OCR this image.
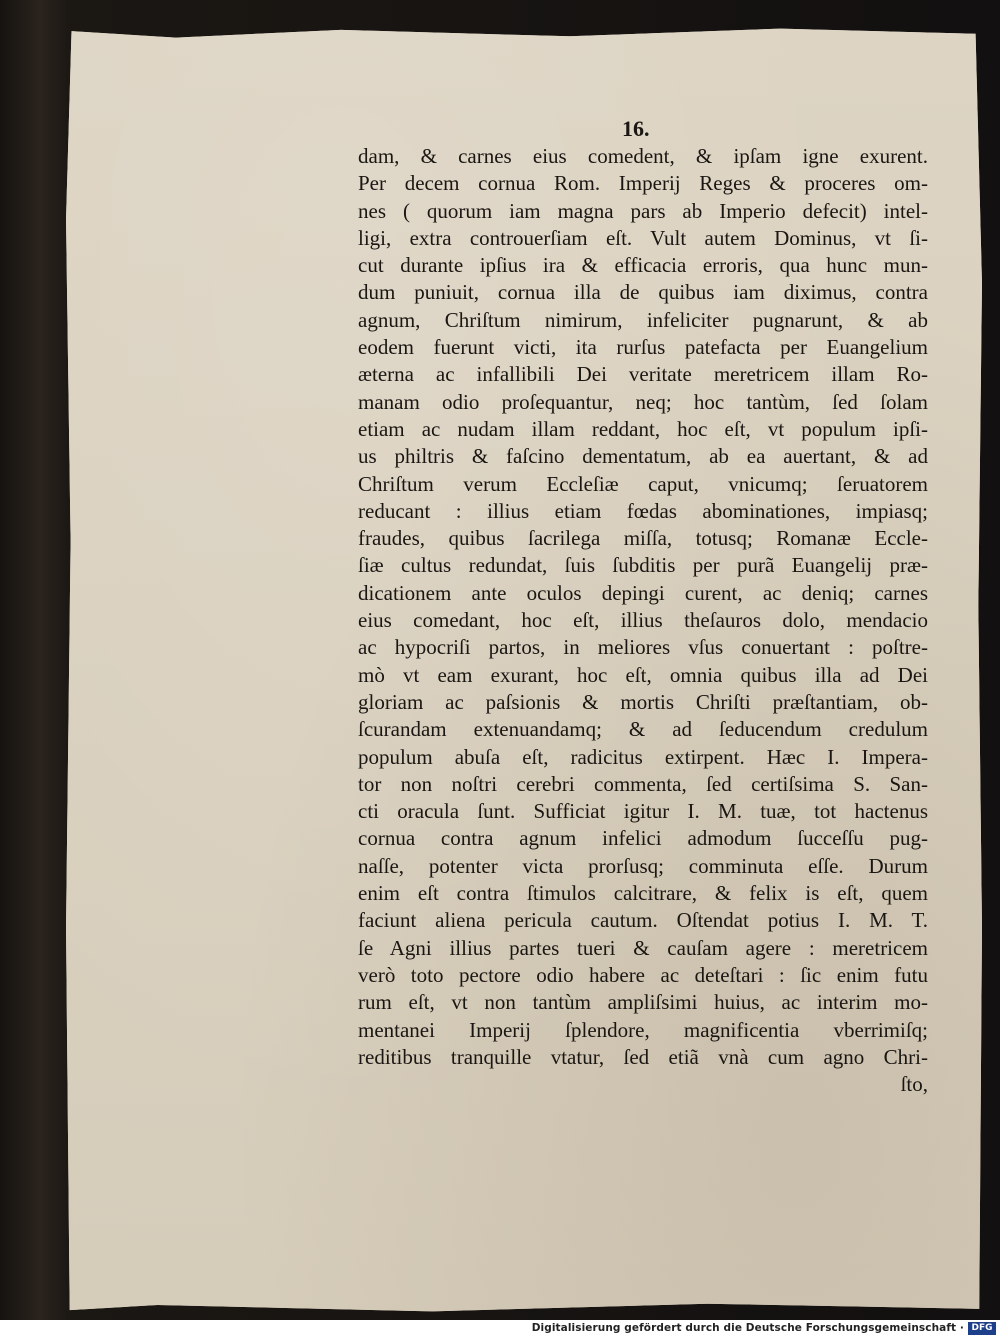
16.
dam, & carnes eius comedent, & ipſam igne exurent.
Per decem cornua Rom. Imperij Reges & proceres om-
nes ( quorum iam magna pars ab Imperio defecit) intel-
ligi, extra controuerſiam eſt. Vult autem Dominus, vt ſi-
cut durante ipſius ira & efficacia erroris, qua hunc mun-
dum puniuit, cornua illa de quibus iam diximus, contra
agnum, Chriſtum nimirum, infeliciter pugnarunt, & ab
eodem fuerunt victi, ita rurſus patefacta per Euangelium
æterna ac infallibili Dei veritate meretricem illam Ro-
manam odio proſequantur, neq; hoc tantùm, ſed ſolam
etiam ac nudam illam reddant, hoc eſt, vt populum ipſi-
us philtris & faſcino dementatum, ab ea auertant, & ad
Chriſtum verum Eccleſiæ caput, vnicumq; ſeruatorem
reducant : illius etiam fœdas abominationes, impiasq;
fraudes, quibus ſacrilega miſſa, totusq; Romanæ Eccle-
ſiæ cultus redundat, ſuis ſubditis per purã Euangelij præ-
dicationem ante oculos depingi curent, ac deniq; carnes
eius comedant, hoc eſt, illius theſauros dolo, mendacio
ac hypocriſi partos, in meliores vſus conuertant : poſtre-
mò vt eam exurant, hoc eſt, omnia quibus illa ad Dei
gloriam ac paſsionis & mortis Chriſti præſtantiam, ob-
ſcurandam extenuandamq; & ad ſeducendum credulum
populum abuſa eſt, radicitus extirpent. Hæc I. Impera-
tor non noſtri cerebri commenta, ſed certiſsima S. San-
cti oracula ſunt. Sufficiat igitur I. M. tuæ, tot hactenus
cornua contra agnum infelici admodum ſucceſſu pug-
naſſe, potenter victa prorſusq; comminuta eſſe. Durum
enim eſt contra ſtimulos calcitrare, & felix is eſt, quem
faciunt aliena pericula cautum. Oſtendat potius I. M. T.
ſe Agni illius partes tueri & cauſam agere : meretricem
verò toto pectore odio habere ac deteſtari : ſic enim futu
rum eſt, vt non tantùm ampliſsimi huius, ac interim mo-
mentanei Imperij ſplendore, magnificentia vberrimiſq;
reditibus tranquille vtatur, ſed etiã vnà cum agno Chri-
ſto,
Digitalisierung gefördert durch die Deutsche Forschungsgemeinschaft · DFG
